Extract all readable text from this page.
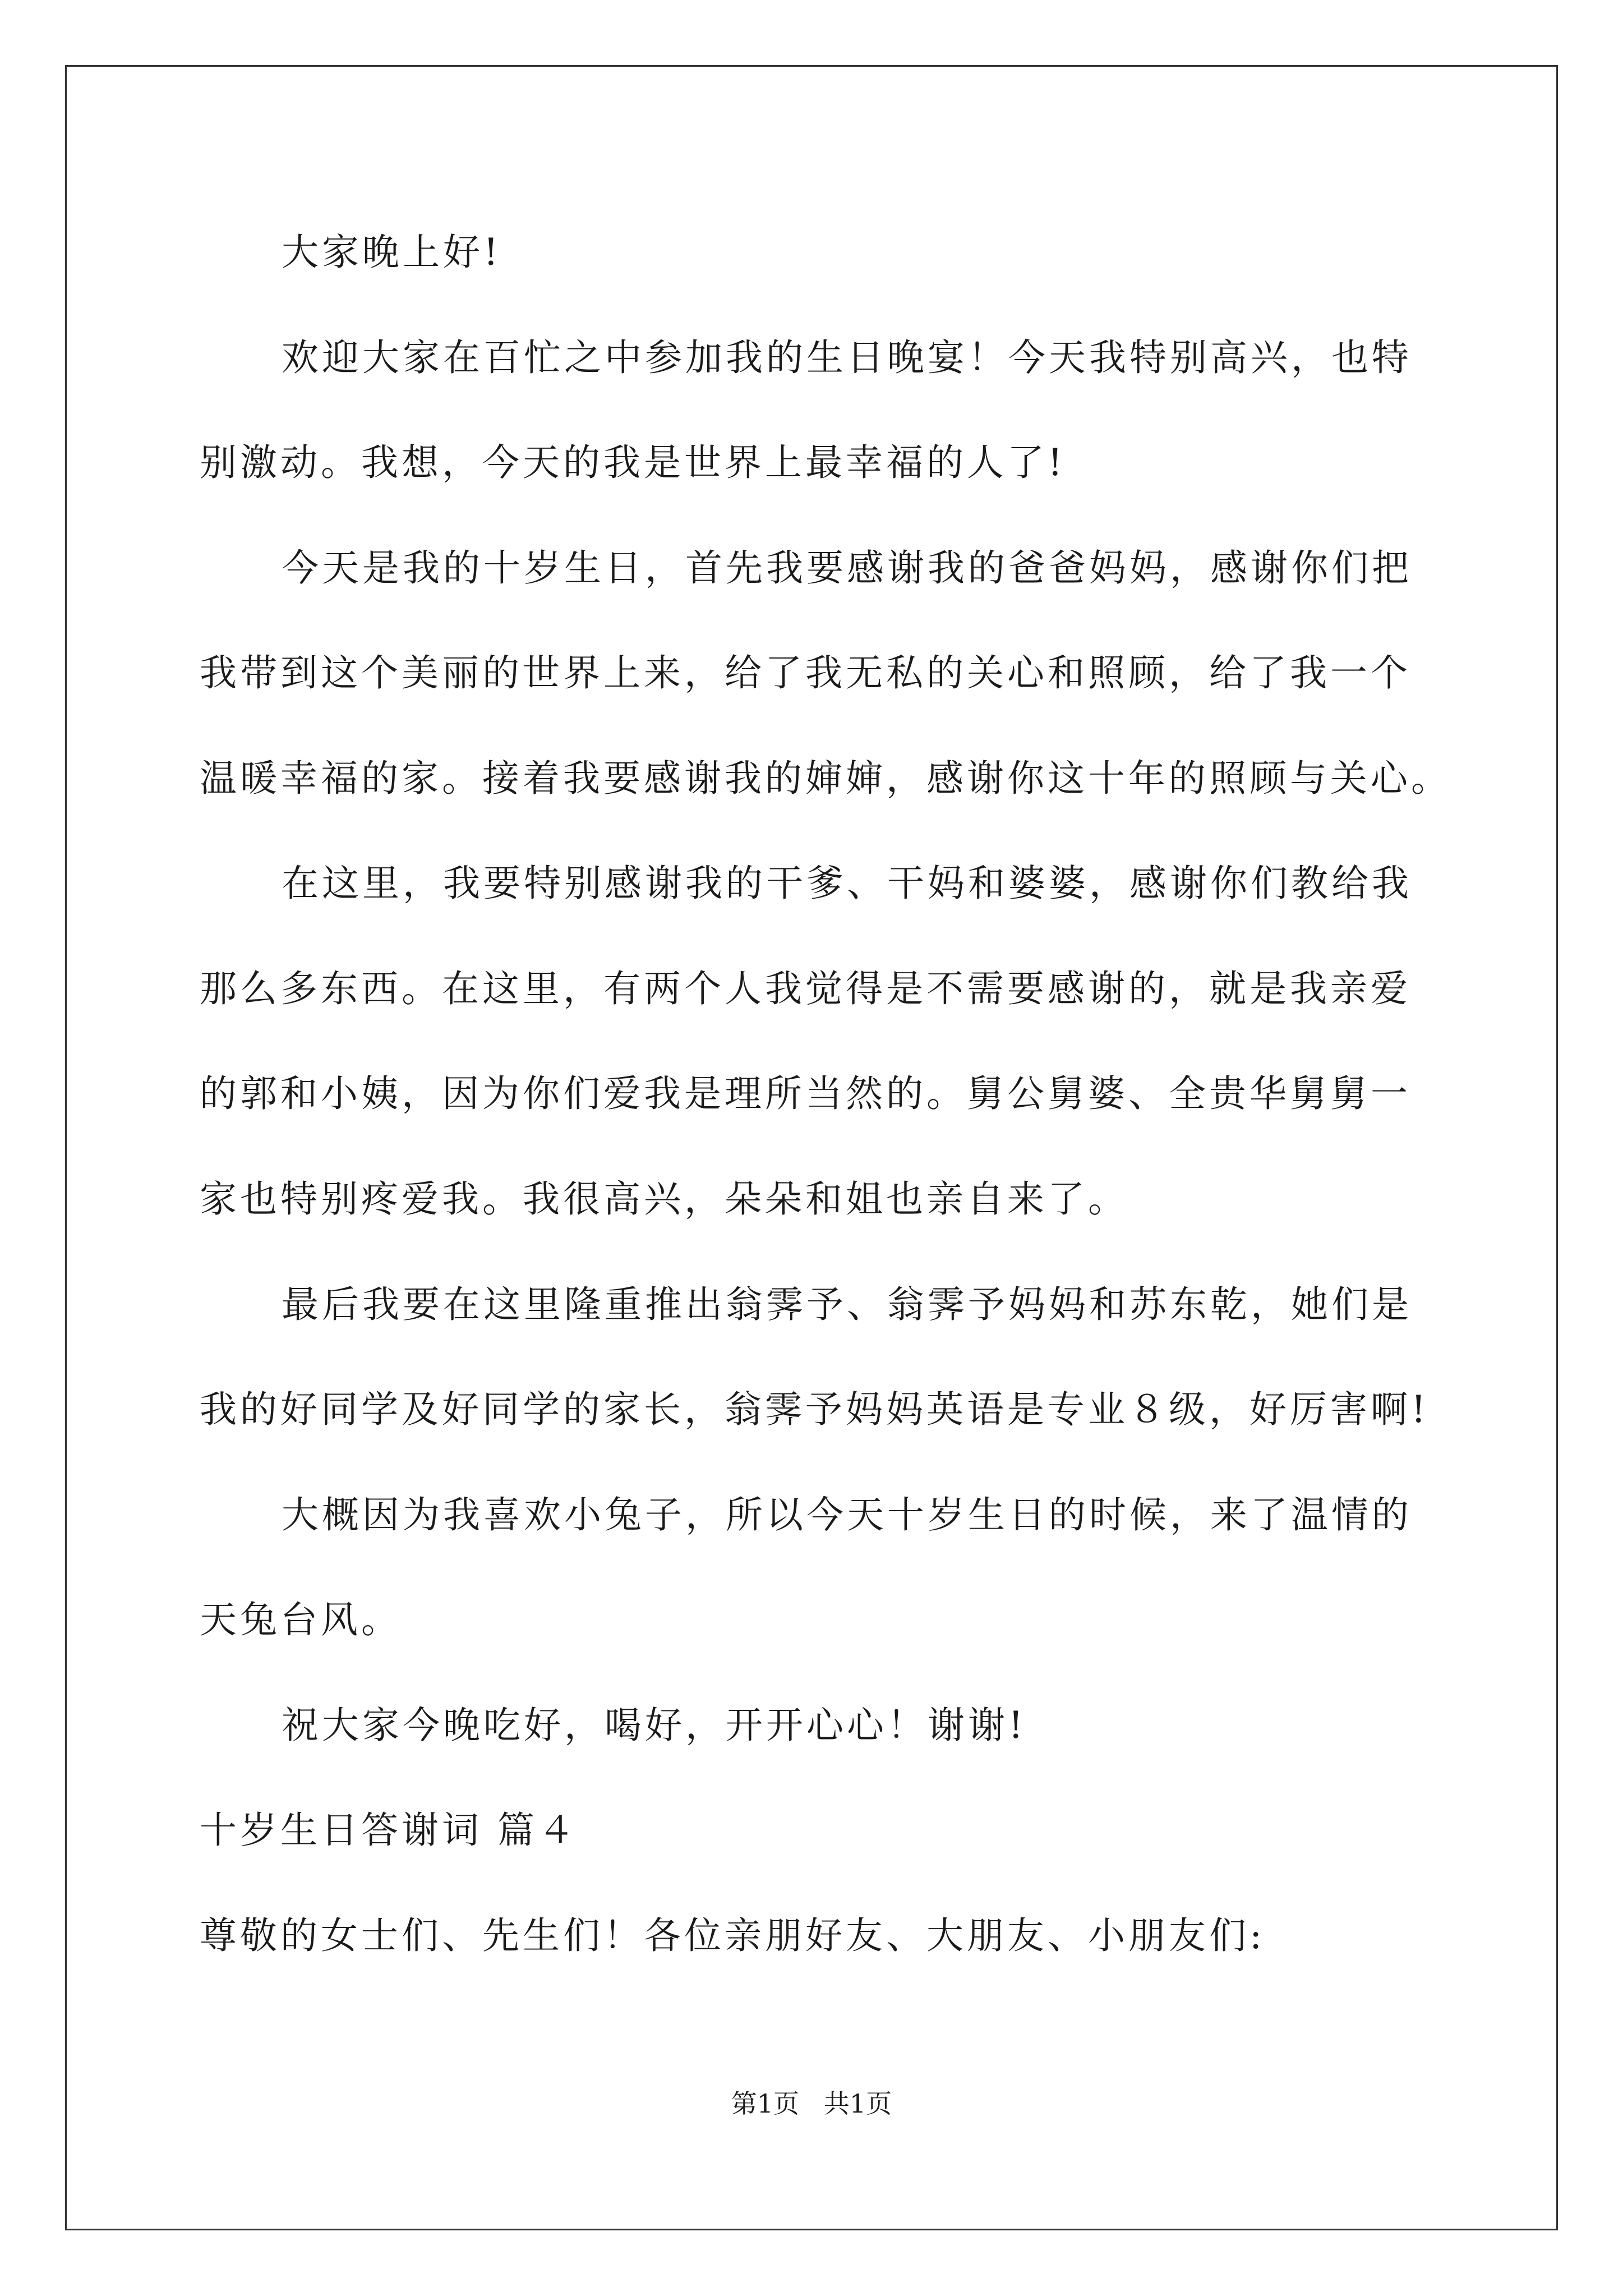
大家晚上好!
欢迎大家在百忙之中参加我的生日晚宴！今天我特别高兴，也特
别激动。我想，今天的我是世界上最幸福的人了!
今天是我的十岁生日，首先我要感谢我的爸爸妈妈，感谢你们把
我带到这个美丽的世界上来，给了我无私的关心和照顾，给了我一个
温暖幸福的家。接着我要感谢我的婶婶，感谢你这十年的照顾与关心。
在这里，我要特别感谢我的干爹、干妈和婆婆，感谢你们教给我
那么多东西。在这里，有两个人我觉得是不需要感谢的，就是我亲爱
的郭和小姨，因为你们爱我是理所当然的。舅公舅婆、全贵华舅舅一
家也特别疼爱我。我很高兴，朵朵和姐也亲自来了。
最后我要在这里隆重推出翁霁予、翁霁予妈妈和苏东乾，她们是
我的好同学及好同学的家长，翁霁予妈妈英语是专业８级，好厉害啊!
大概因为我喜欢小兔子，所以今天十岁生日的时候，来了温情的
天兔台风。
祝大家今晚吃好，喝好，开开心心！谢谢!
十岁生日答谢词 篇４
尊敬的女士们、先生们！各位亲朋好友、大朋友、小朋友们:
第1页   共1页
